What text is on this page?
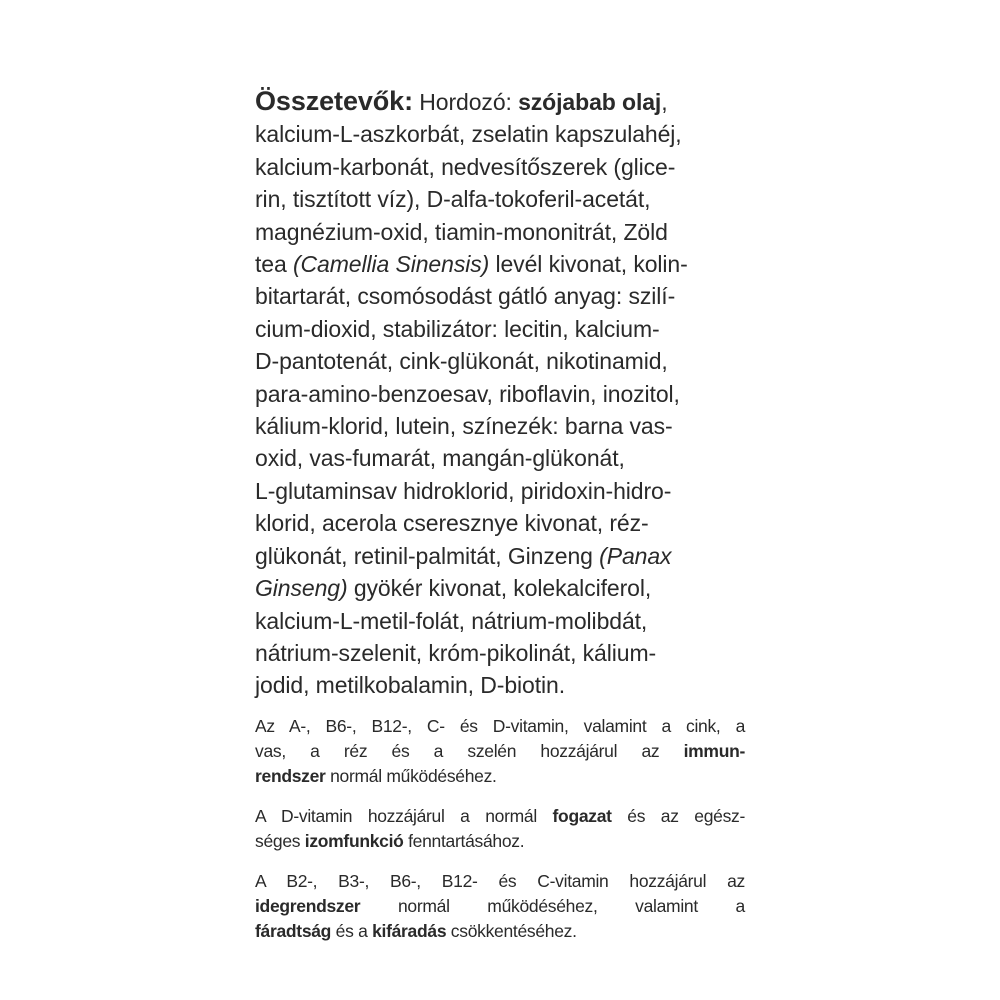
Összetevők: Hordozó: szójabab olaj,
kalcium-L-aszkorbát, zselatin kapszulahéj,
kalcium-karbonát, nedvesítőszerek (glice-
rin, tisztított víz), D-alfa-tokoferil-acetát,
magnézium-oxid, tiamin-mononitrát, Zöld
tea (Camellia Sinensis) levél kivonat, kolin-
bitartarát, csomósodást gátló anyag: szilí-
cium-dioxid, stabilizátor: lecitin, kalcium-
D-pantotenát, cink-glükonát, nikotinamid,
para-amino-benzoesav, riboflavin, inozitol,
kálium-klorid, lutein, színezék: barna vas-
oxid, vas-fumarát, mangán-glükonát,
L-glutaminsav hidroklorid, piridoxin-hidro-
klorid, acerola cseresznye kivonat, réz-
glükonát, retinil-palmitát, Ginzeng (Panax
Ginseng) gyökér kivonat, kolekalciferol,
kalcium-L-metil-folát, nátrium-molibdát,
nátrium-szelenit, króm-pikolinát, kálium-
jodid, metilkobalamin, D-biotin.
Az A-, B6-, B12-, C- és D-vitamin, valamint a cink, a
vas, a réz és a szelén hozzájárul az immun-
rendszer normál működéséhez.
A D-vitamin hozzájárul a normál fogazat és az egész-
séges izomfunkció fenntartásához.
A B2-, B3-, B6-, B12- és C-vitamin hozzájárul az
idegrendszer normál működéséhez, valamint a
fáradtság és a kifáradás csökkentéséhez.
